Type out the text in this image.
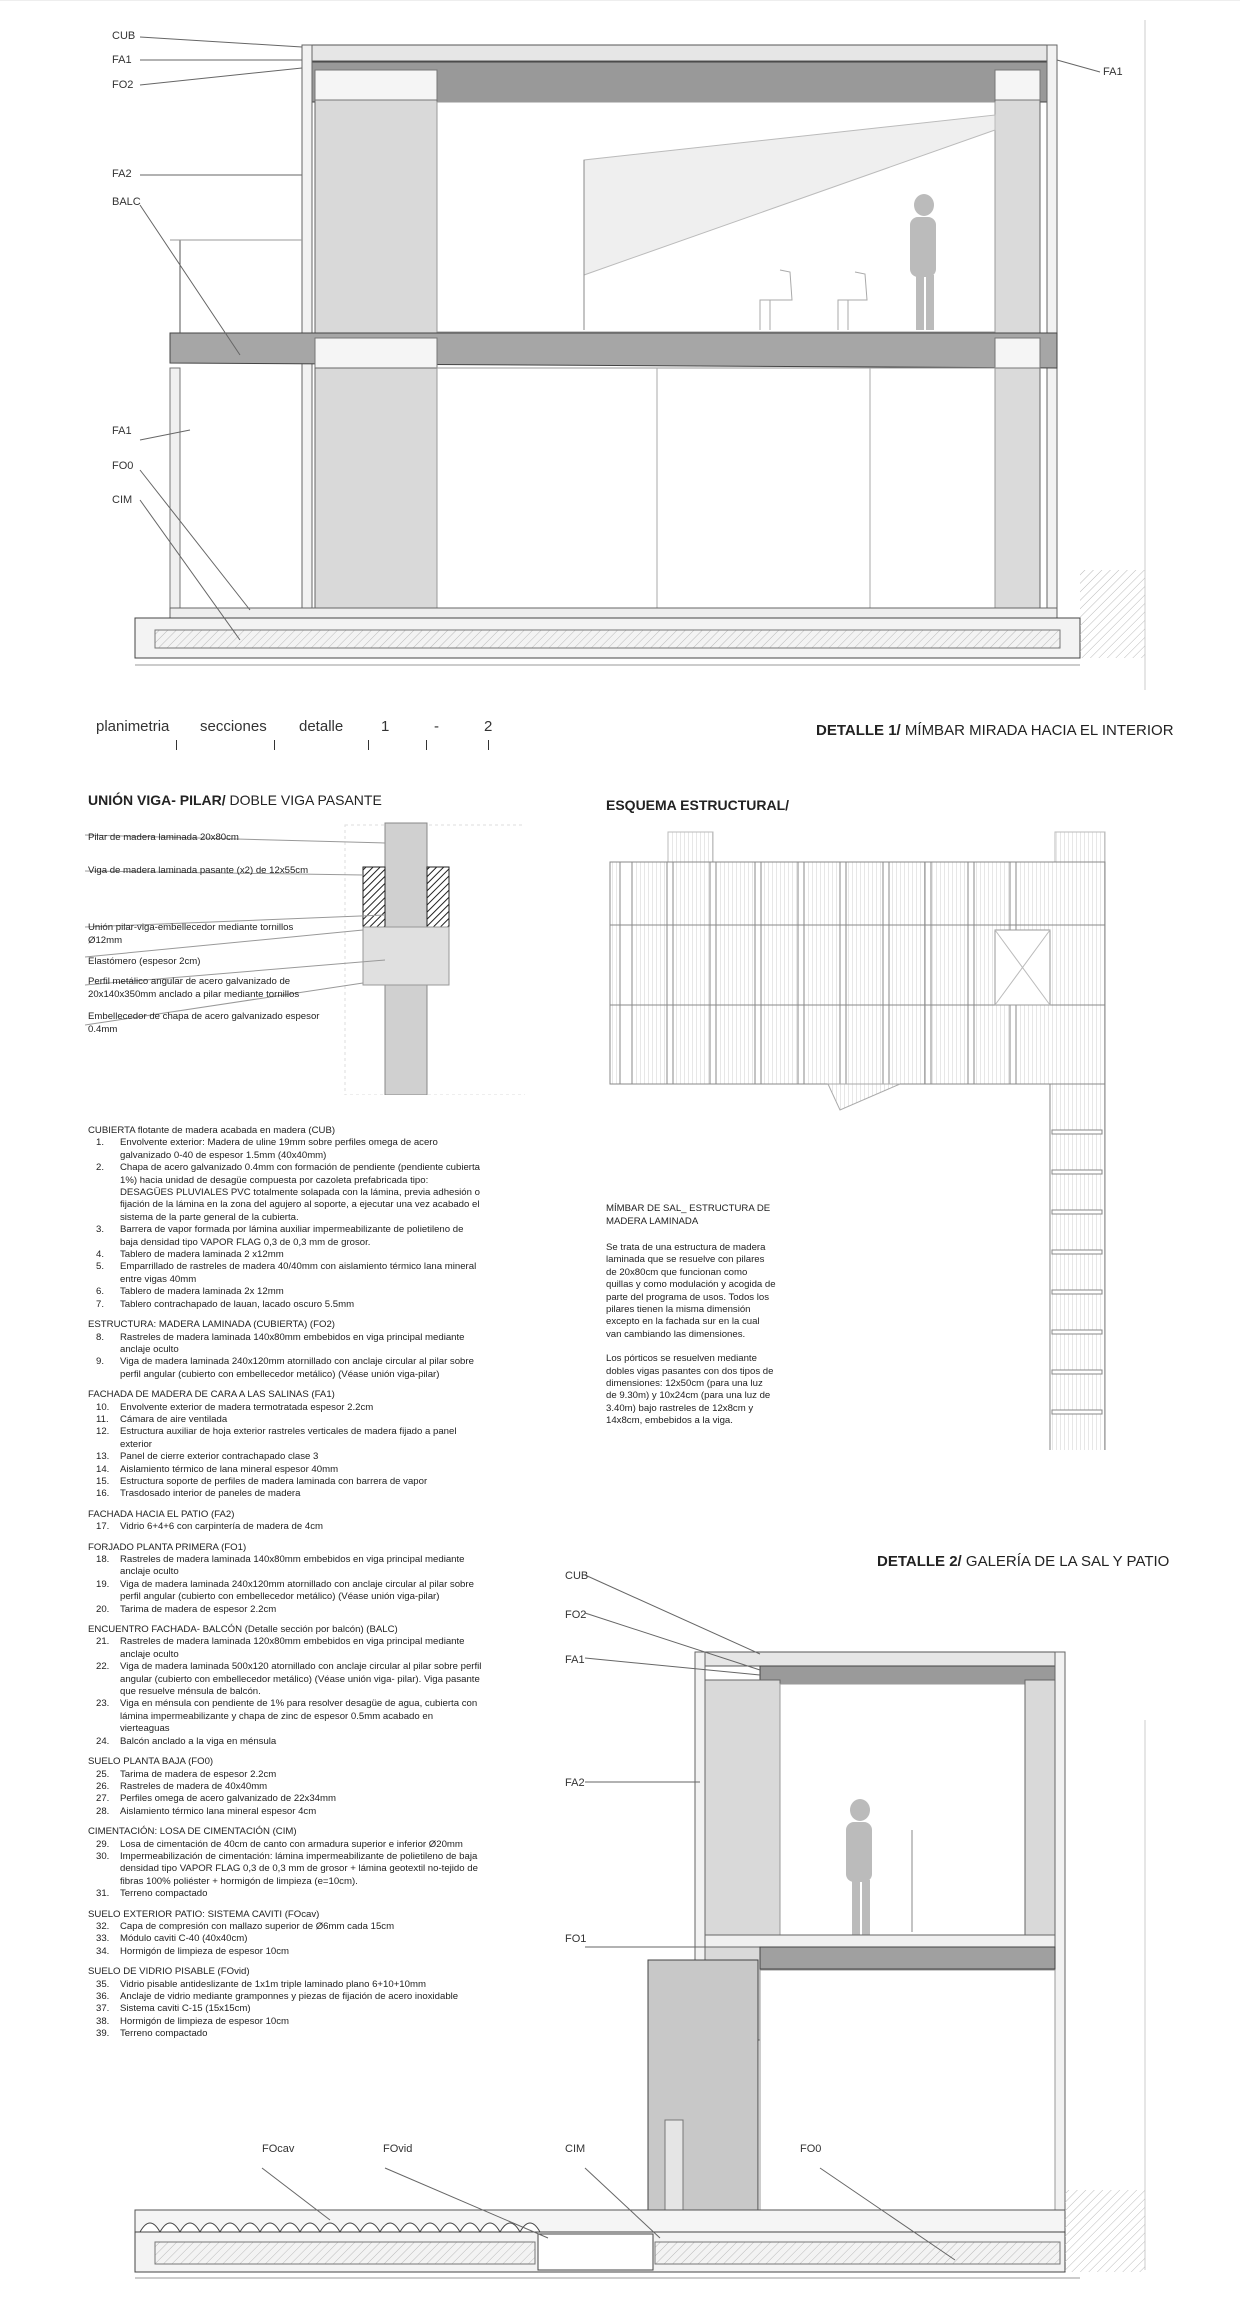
CUB
FA1
FO2
FA2
BALC
FA1
FO0
CIM
FA1
planimetria secciones detalle	1	-	2	DETALLE 1/ MÍMBAR MIRADA HACIA EL INTERIOR
UNIÓN VIGA- PILAR/ DOBLE VIGA PASANTE
Pilar de madera laminada 20x80cm
Viga de madera laminada pasante (x2) de 12x55cm
Unión pilar-viga-embellecedor mediante tornillos
Ø12mm
Elastómero (espesor 2cm)
Perfil metálico angular de acero galvanizado de
20x140x350mm anclado a pilar mediante tornillos
Embellecedor de chapa de acero galvanizado espesor
0.4mm
ESQUEMA ESTRUCTURAL/
MÍMBAR DE SAL_ ESTRUCTURA DE
MADERA LAMINADA

Se trata de una estructura de madera laminada que se resuelve con pilares de 20x80cm que funcionan como quillas y como modulación y acogida de parte del programa de usos. Todos los pilares tienen la misma dimensión excepto en la fachada sur en la cual van cambiando las dimensiones.

Los pórticos se resuelven mediante dobles vigas pasantes con dos tipos de dimensiones: 12x50cm (para una luz de 9.30m) y 10x24cm (para una luz de 3.40m) bajo rastreles de 12x8cm y 14x8cm, embebidos a la viga.

CUBIERTA flotante de madera acabada en madera (CUB)
1. Envolvente exterior: Madera de uline 19mm sobre perfiles omega de acero galvanizado 0-40 de espesor 1.5mm (40x40mm)
2. Chapa de acero galvanizado 0.4mm con formación de pendiente (pendiente cubierta 1%) hacia unidad de desagüe compuesta por cazoleta prefabricada tipo: DESAGÜES PLUVIALES PVC totalmente solapada con la lámina, previa adhesión o fijación de la lámina en la zona del agujero al soporte, a ejecutar una vez acabado el sistema de la parte general de la cubierta.
3. Barrera de vapor formada por lámina auxiliar impermeabilizante de polietileno de baja densidad tipo VAPOR FLAG 0,3 de 0,3 mm de grosor.
4. Tablero de madera laminada 2 x12mm
5. Emparrillado de rastreles de madera 40/40mm con aislamiento térmico lana mineral entre vigas 40mm
6. Tablero de madera laminada 2x 12mm
7. Tablero contrachapado de lauan, lacado oscuro 5.5mm
ESTRUCTURA: MADERA LAMINADA (CUBIERTA) (FO2)
8. Rastreles de madera laminada 140x80mm embebidos en viga principal mediante anclaje oculto
9. Viga de madera laminada 240x120mm atornillado con anclaje circular al pilar sobre perfil angular (cubierto con embellecedor metálico) (Véase unión viga-pilar)
FACHADA DE MADERA DE CARA A LAS SALINAS (FA1)
10. Envolvente exterior de madera termotratada espesor 2.2cm
11. Cámara de aire ventilada
12. Estructura auxiliar de hoja exterior rastreles verticales de madera fijado a panel exterior
13. Panel de cierre exterior contrachapado clase 3
14. Aislamiento térmico de lana mineral espesor 40mm
15. Estructura soporte de perfiles de madera laminada con barrera de vapor
16. Trasdosado interior de paneles de madera
FACHADA HACIA EL PATIO (FA2)
17. Vidrio 6+4+6 con carpintería de madera de 4cm
FORJADO PLANTA PRIMERA (FO1)
18. Rastreles de madera laminada 140x80mm embebidos en viga principal mediante anclaje oculto
19. Viga de madera laminada 240x120mm atornillado con anclaje circular al pilar sobre perfil angular (cubierto con embellecedor metálico) (Véase unión viga-pilar)
20. Tarima de madera de espesor 2.2cm
ENCUENTRO FACHADA- BALCÓN (Detalle sección por balcón) (BALC)
21. Rastreles de madera laminada 120x80mm embebidos en viga principal mediante anclaje oculto
22. Viga de madera laminada 500x120 atornillado con anclaje circular al pilar sobre perfil angular (cubierto con embellecedor metálico) (Véase unión viga- pilar). Viga pasante que resuelve ménsula de balcón.
23. Viga en ménsula con pendiente de 1% para resolver desagüe de agua, cubierta con lámina impermeabilizante y chapa de zinc de espesor 0.5mm acabado en vierteaguas
24. Balcón anclado a la viga en ménsula
SUELO PLANTA BAJA (FO0)
25. Tarima de madera de espesor 2.2cm
26. Rastreles de madera de 40x40mm
27. Perfiles omega de acero galvanizado de 22x34mm
28. Aislamiento térmico lana mineral espesor 4cm
CIMENTACIÓN: LOSA DE CIMENTACIÓN (CIM)
29. Losa de cimentación de 40cm de canto con armadura superior e inferior Ø20mm
30. Impermeabilización de cimentación: lámina impermeabilizante de polietileno de baja densidad tipo VAPOR FLAG 0,3 de 0,3 mm de grosor + lámina geotextil no-tejido de fibras 100% poliéster + hormigón de limpieza (e=10cm).
31. Terreno compactado
SUELO EXTERIOR PATIO: SISTEMA CAVITI (FOcav)
32. Capa de compresión con mallazo superior de Ø6mm cada 15cm
33. Módulo caviti C-40 (40x40cm)
34. Hormigón de limpieza de espesor 10cm
SUELO DE VIDRIO PISABLE (FOvid)
35. Vidrio pisable antideslizante de 1x1m triple laminado plano 6+10+10mm
36. Anclaje de vidrio mediante gramponnes y piezas de fijación de acero inoxidable
37. Sistema caviti C-15 (15x15cm)
38. Hormigón de limpieza de espesor 10cm
39. Terreno compactado
DETALLE 2/ GALERÍA DE LA SAL Y PATIO
CUB
FO2
FA1
FA2
FO1
FOcav	FOvid	CIM	FO0
